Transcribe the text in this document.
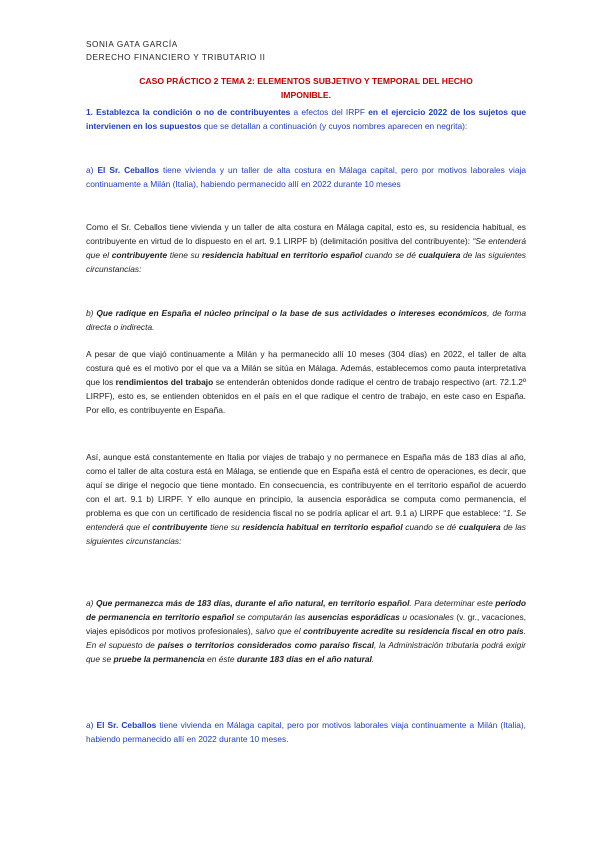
SONIA GATA GARCÍA
DERECHO FINANCIERO Y TRIBUTARIO II
CASO PRÁCTICO 2 TEMA 2: ELEMENTOS SUBJETIVO Y TEMPORAL DEL HECHO
IMPONIBLE.
1. Establezca la condición o no de contribuyentes a efectos del IRPF en el ejercicio 2022 de los sujetos que intervienen en los supuestos que se detallan a continuación (y cuyos nombres aparecen en negrita):
a) El Sr. Ceballos tiene vivienda y un taller de alta costura en Málaga capital, pero por motivos laborales viaja continuamente a Milán (Italia), habiendo permanecido allí en 2022 durante 10 meses
Como el Sr. Ceballos tiene vivienda y un taller de alta costura en Málaga capital, esto es, su residencia habitual, es contribuyente en virtud de lo dispuesto en el art. 9.1 LIRPF b) (delimitación positiva del contribuyente): “Se entenderá que el contribuyente tiene su residencia habitual en territorio español cuando se dé cualquiera de las siguientes circunstancias:
b) Que radique en España el núcleo principal o la base de sus actividades o intereses económicos, de forma directa o indirecta.
A pesar de que viajó continuamente a Milán y ha permanecido allí 10 meses (304 días) en 2022, el taller de alta costura qué es el motivo por el que va a Milán se sitúa en Málaga. Además, establecemos como pauta interpretativa que los rendimientos del trabajo se entenderán obtenidos donde radique el centro de trabajo respectivo (art. 72.1.2º LIRPF), esto es, se entienden obtenidos en el país en el que radique el centro de trabajo, en este caso en España. Por ello, es contribuyente en España.
Así, aunque está constantemente en Italia por viajes de trabajo y no permanece en España más de 183 días al año, como el taller de alta costura está en Málaga, se entiende que en España está el centro de operaciones, es decir, que aquí se dirige el negocio que tiene montado. En consecuencia, es contribuyente en el territorio español de acuerdo con el art. 9.1 b) LIRPF. Y ello aunque en principio, la ausencia esporádica se computa como permanencia, el problema es que con un certificado de residencia fiscal no se podría aplicar el art. 9.1 a) LIRPF que establece: “1. Se entenderá que el contribuyente tiene su residencia habitual en territorio español cuando se dé cualquiera de las siguientes circunstancias:
a) Que permanezca más de 183 días, durante el año natural, en territorio español. Para determinar este período de permanencia en territorio español se computarán las ausencias esporádicas u ocasionales (v. gr., vacaciones, viajes episódicos por motivos profesionales), salvo que el contribuyente acredite su residencia fiscal en otro país. En el supuesto de países o territorios considerados como paraíso fiscal, la Administración tributaria podrá exigir que se pruebe la permanencia en éste durante 183 días en el año natural.
a) El Sr. Ceballos tiene vivienda en Málaga capital, pero por motivos laborales viaja continuamente a Milán (Italia), habiendo permanecido allí en 2022 durante 10 meses.
